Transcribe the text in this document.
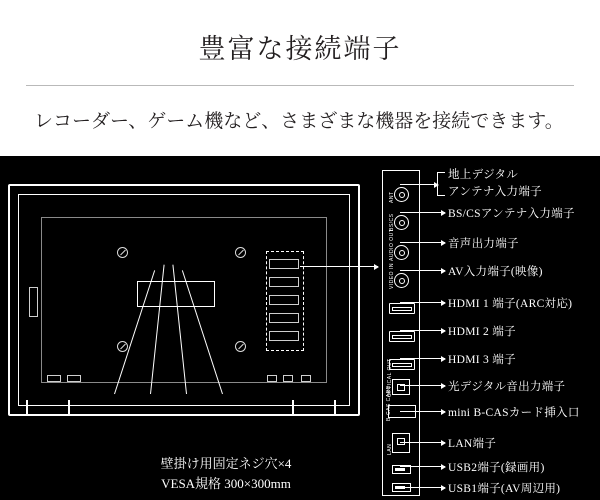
豊富な接続端子
レコーダー、ゲーム機など、さまざまな機器を接続できます。
ANT
BS/CS
AUDIO OUT
VIDEO IN
OPTICAL OUT
B-CAS CARD
LAN
地上デジタル
アンテナ入力端子
BS/CSアンテナ入力端子
音声出力端子
AV入力端子(映像)
HDMI 1 端子(ARC対応)
HDMI 2 端子
HDMI 3 端子
光デジタル音出力端子
mini B-CASカード挿入口
LAN端子
USB2端子(録画用)
USB1端子(AV周辺用)
壁掛け用固定ネジ穴×4
VESA規格 300×300mm
